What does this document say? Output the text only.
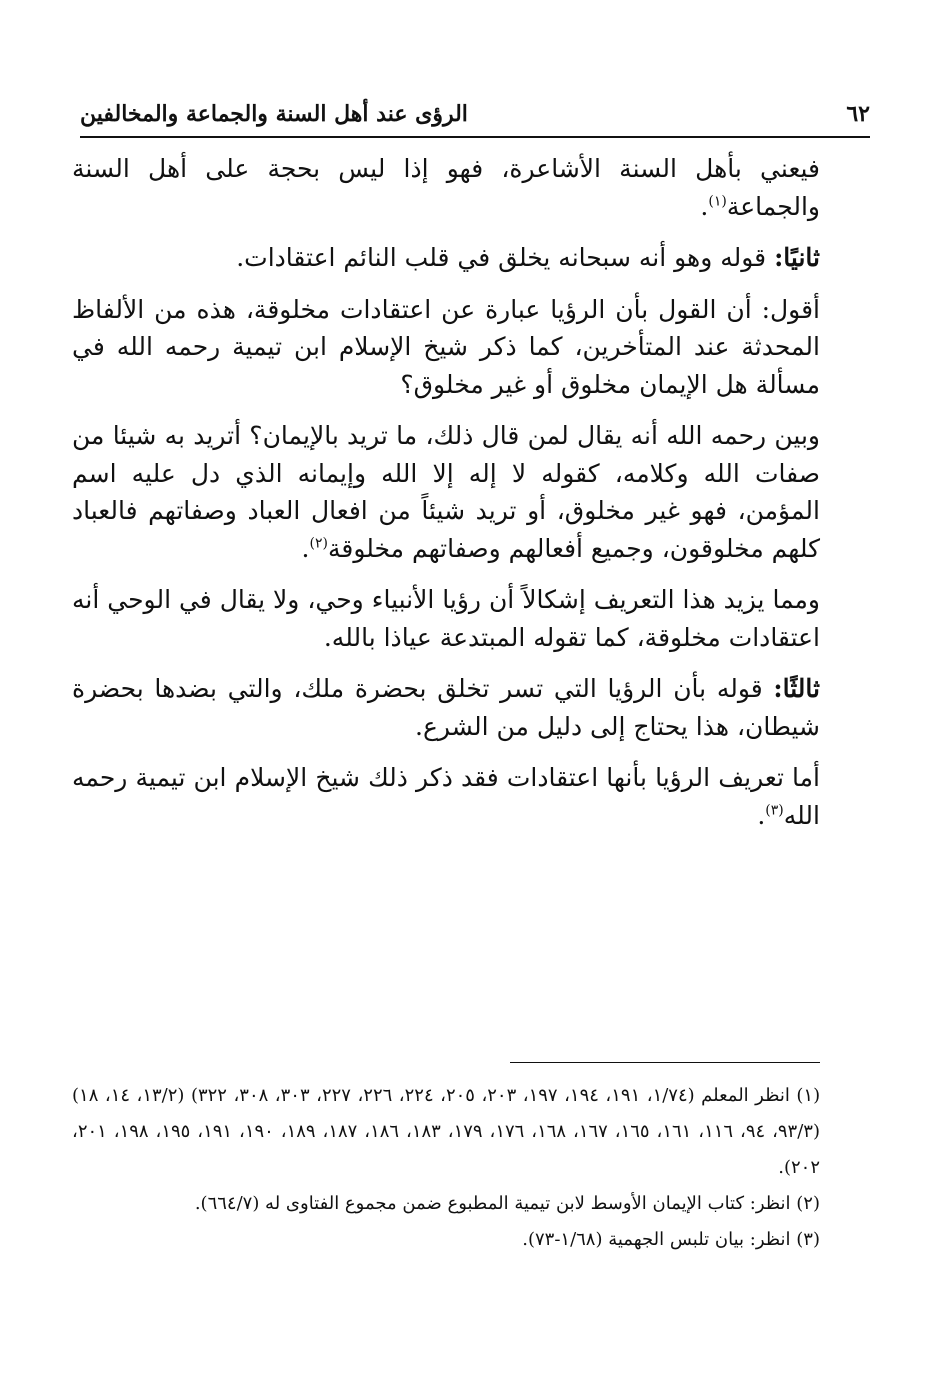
٦٢
الرؤى عند أهل السنة والجماعة والمخالفين

فيعني بأهل السنة الأشاعرة، فهو إذا ليس بحجة على أهل السنة والجماعة$^{(١)}$.

ثانيًا: قوله وهو أنه سبحانه يخلق في قلب النائم اعتقادات.

أقول: أن القول بأن الرؤيا عبارة عن اعتقادات مخلوقة، هذه من الألفاظ المحدثة عند المتأخرين، كما ذكر شيخ الإسلام ابن تيمية رحمه الله في مسألة هل الإيمان مخلوق أو غير مخلوق؟

وبين رحمه الله أنه يقال لمن قال ذلك، ما تريد بالإيمان؟ أتريد به شيئا من صفات الله وكلامه، كقوله لا إله إلا الله وإيمانه الذي دل عليه اسم المؤمن، فهو غير مخلوق، أو تريد شيئاً من افعال العباد وصفاتهم فالعباد كلهم مخلوقون، وجميع أفعالهم وصفاتهم مخلوقة$^{(٢)}$.

ومما يزيد هذا التعريف إشكالاً أن رؤيا الأنبياء وحي، ولا يقال في الوحي أنه اعتقادات مخلوقة، كما تقوله المبتدعة عياذا بالله.

ثالثًا: قوله بأن الرؤيا التي تسر تخلق بحضرة ملك، والتي بضدها بحضرة شيطان، هذا يحتاج إلى دليل من الشرع.

أما تعريف الرؤيا بأنها اعتقادات فقد ذكر ذلك شيخ الإسلام ابن تيمية رحمه الله$^{(٣)}$.

(١) انظر المعلم (١/٧٤، ١٩١، ١٩٤، ١٩٧، ٢٠٣، ٢٠٥، ٢٢٤، ٢٢٦، ٢٢٧، ٣٠٣، ٣٠٨، ٣٢٢) (١٣/٢، ١٤، ١٨) (٩٣/٣، ٩٤، ١١٦، ١٦١، ١٦٥، ١٦٧، ١٦٨، ١٧٦، ١٧٩، ١٨٣، ١٨٦، ١٨٧، ١٨٩، ١٩٠، ١٩١، ١٩٥، ١٩٨، ٢٠١، ٢٠٢).
(٢) انظر: كتاب الإيمان الأوسط لابن تيمية المطبوع ضمن مجموع الفتاوى له (٦٦٤/٧).
(٣) انظر: بيان تلبس الجهمية (١/٦٨-٧٣).
